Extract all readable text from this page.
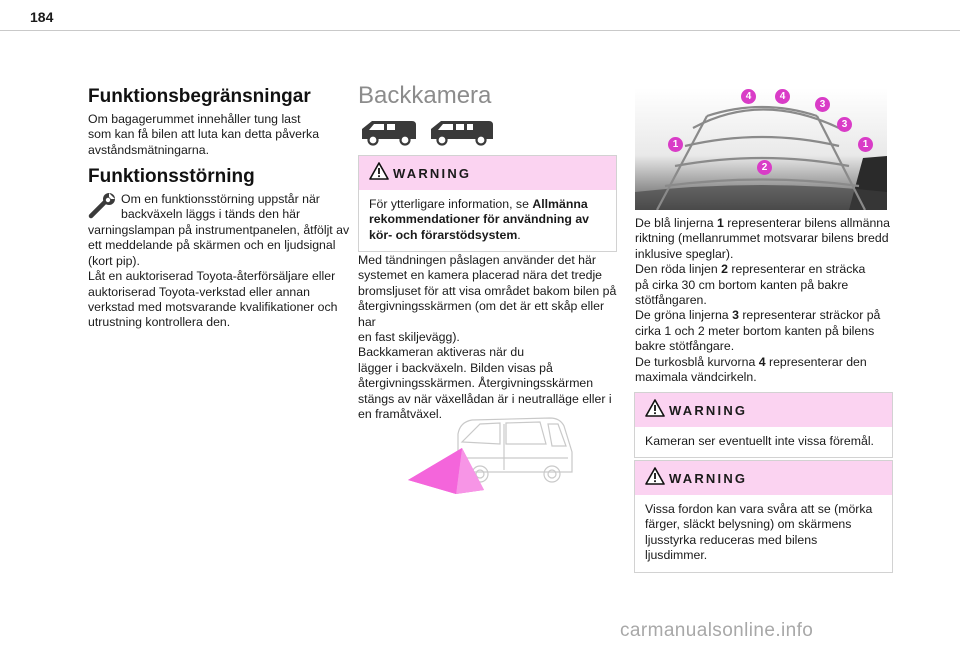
184
Funktionsbegränsningar
Om bagagerummet innehåller tung last
som kan få bilen att luta kan detta påverka
avståndsmätningarna.
Funktionsstörning
Om en funktionsstörning uppstår när
backväxeln läggs i tänds den här
varningslampan på instrumentpanelen, åtföljt av
ett meddelande på skärmen och en ljudsignal
(kort pip).
Låt en auktoriserad Toyota-återförsäljare eller
auktoriserad Toyota-verkstad eller annan
verkstad med motsvarande kvalifikationer och
utrustning kontrollera den.
Backkamera
WARNING
För ytterligare information, se Allmänna
rekommendationer för användning av
kör- och förarstödsystem.
Med tändningen påslagen använder det här
systemet en kamera placerad nära det tredje
bromsljuset för att visa området bakom bilen på
återgivningsskärmen (om det är ett skåp eller har
en fast skiljevägg).
Backkameran aktiveras när du
lägger i backväxeln. Bilden visas på
återgivningsskärmen. Återgivningsskärmen
stängs av när växellådan är i neutralläge eller i
en framåtväxel.
4	4
3
3
1	1
2
De blå linjerna 1 representerar bilens allmänna
riktning (mellanrummet motsvarar bilens bredd
inklusive speglar).
Den röda linjen 2 representerar en sträcka
på cirka 30 cm bortom kanten på bakre
stötfångaren.
De gröna linjerna 3 representerar sträckor på
cirka 1 och 2 meter bortom kanten på bilens
bakre stötfångare.
De turkosblå kurvorna 4 representerar den
maximala vändcirkeln.
WARNING
Kameran ser eventuellt inte vissa föremål.
WARNING
Vissa fordon kan vara svåra att se (mörka
färger, släckt belysning) om skärmens
ljusstyrka reduceras med bilens ljusdimmer.
carmanualsonline.info
